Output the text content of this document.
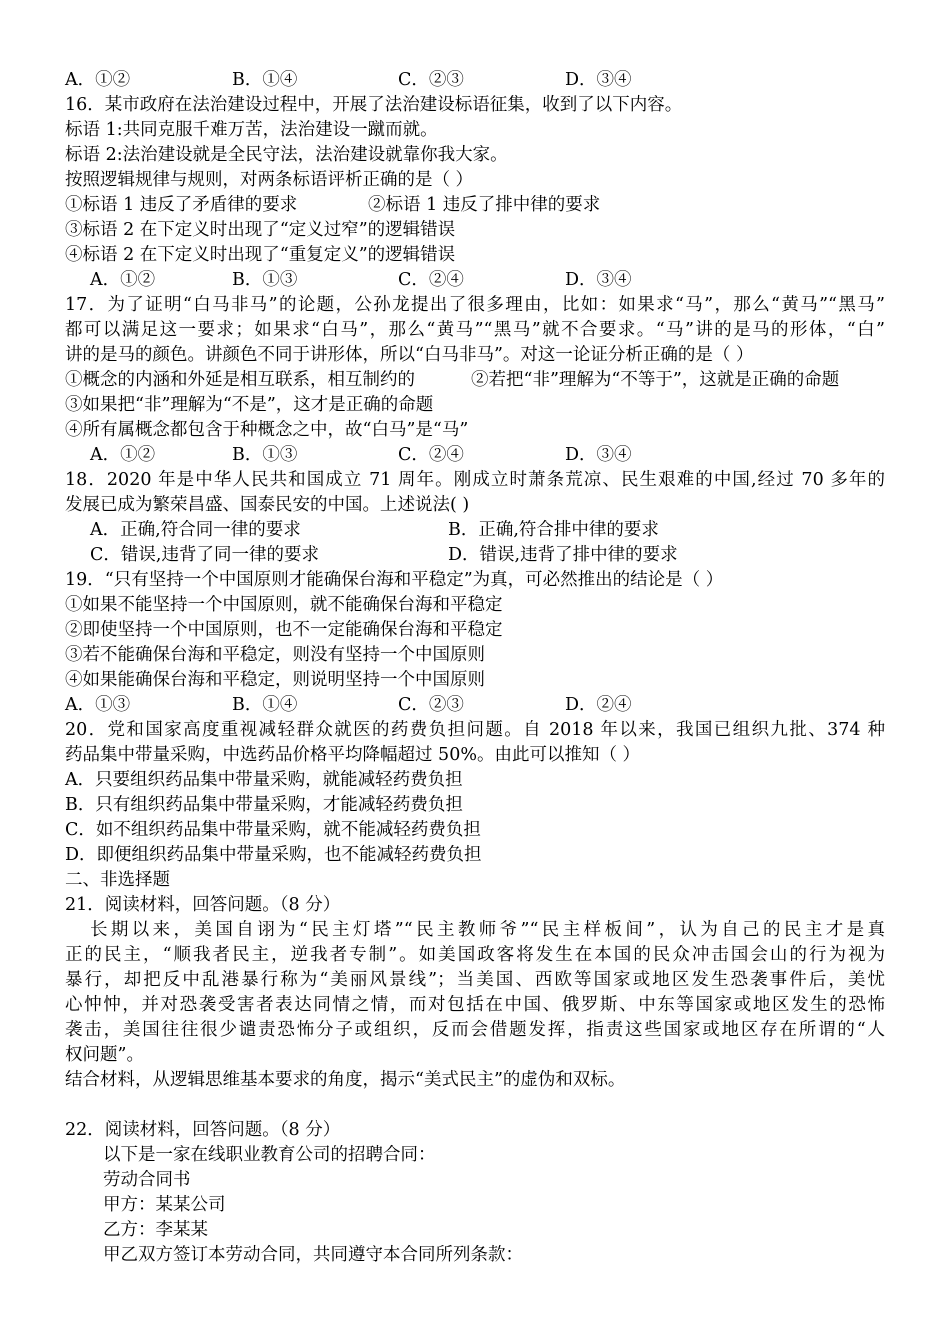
A．①②	B．①④	C．②③	D．③④
16．某市政府在法治建设过程中，开展了法治建设标语征集，收到了以下内容。
标语 1:共同克服千难万苦，法治建设一蹴而就。
标语 2:法治建设就是全民守法，法治建设就靠你我大家。
按照逻辑规律与规则，对两条标语评析正确的是（ ）
①标语 1 违反了矛盾律的要求	②标语 1 违反了排中律的要求
③标语 2 在下定义时出现了“定义过窄”的逻辑错误
④标语 2 在下定义时出现了“重复定义”的逻辑错误
A．①②	B．①③	C．②④	D．③④
17．为了证明“白马非马”的论题，公孙龙提出了很多理由，比如：如果求“马”，那么“黄马”“黑马”
都可以满足这一要求；如果求“白马”，那么“黄马”“黑马”就不合要求。“马”讲的是马的形体，“白”
讲的是马的颜色。讲颜色不同于讲形体，所以“白马非马”。对这一论证分析正确的是（ ）
①概念的内涵和外延是相互联系，相互制约的	②若把“非”理解为“不等于”，这就是正确的命题
③如果把“非”理解为“不是”，这才是正确的命题
④所有属概念都包含于种概念之中，故“白马”是“马”
A．①②	B．①③	C．②④	D．③④
18．2020 年是中华人民共和国成立 71 周年。刚成立时萧条荒凉、民生艰难的中国,经过 70 多年的
发展已成为繁荣昌盛、国泰民安的中国。上述说法( )
A．正确,符合同一律的要求	B．正确,符合排中律的要求
C．错误,违背了同一律的要求	D．错误,违背了排中律的要求
19．“只有坚持一个中国原则才能确保台海和平稳定”为真，可必然推出的结论是（ ）
①如果不能坚持一个中国原则，就不能确保台海和平稳定
②即使坚持一个中国原则，也不一定能确保台海和平稳定
③若不能确保台海和平稳定，则没有坚持一个中国原则
④如果能确保台海和平稳定，则说明坚持一个中国原则
A．①③	B．①④	C．②③	D．②④
20．党和国家高度重视减轻群众就医的药费负担问题。自 2018 年以来，我国已组织九批、374 种
药品集中带量采购，中选药品价格平均降幅超过 50%。由此可以推知（ ）
A．只要组织药品集中带量采购，就能减轻药费负担
B．只有组织药品集中带量采购，才能减轻药费负担
C．如不组织药品集中带量采购，就不能减轻药费负担
D．即便组织药品集中带量采购，也不能减轻药费负担
二、非选择题
21．阅读材料，回答问题。（8 分）
长期以来，美国自诩为“民主灯塔”“民主教师爷”“民主样板间”，认为自己的民主才是真
正的民主，“顺我者民主，逆我者专制”。如美国政客将发生在本国的民众冲击国会山的行为视为
暴行，却把反中乱港暴行称为“美丽风景线”；当美国、西欧等国家或地区发生恐袭事件后，美忧
心忡忡，并对恐袭受害者表达同情之情，而对包括在中国、俄罗斯、中东等国家或地区发生的恐怖
袭击，美国往往很少谴责恐怖分子或组织，反而会借题发挥，指责这些国家或地区存在所谓的“人
权问题”。
结合材料，从逻辑思维基本要求的角度，揭示“美式民主”的虚伪和双标。
22．阅读材料，回答问题。（8 分）
以下是一家在线职业教育公司的招聘合同：
劳动合同书
甲方：某某公司
乙方：李某某
甲乙双方签订本劳动合同，共同遵守本合同所列条款：
